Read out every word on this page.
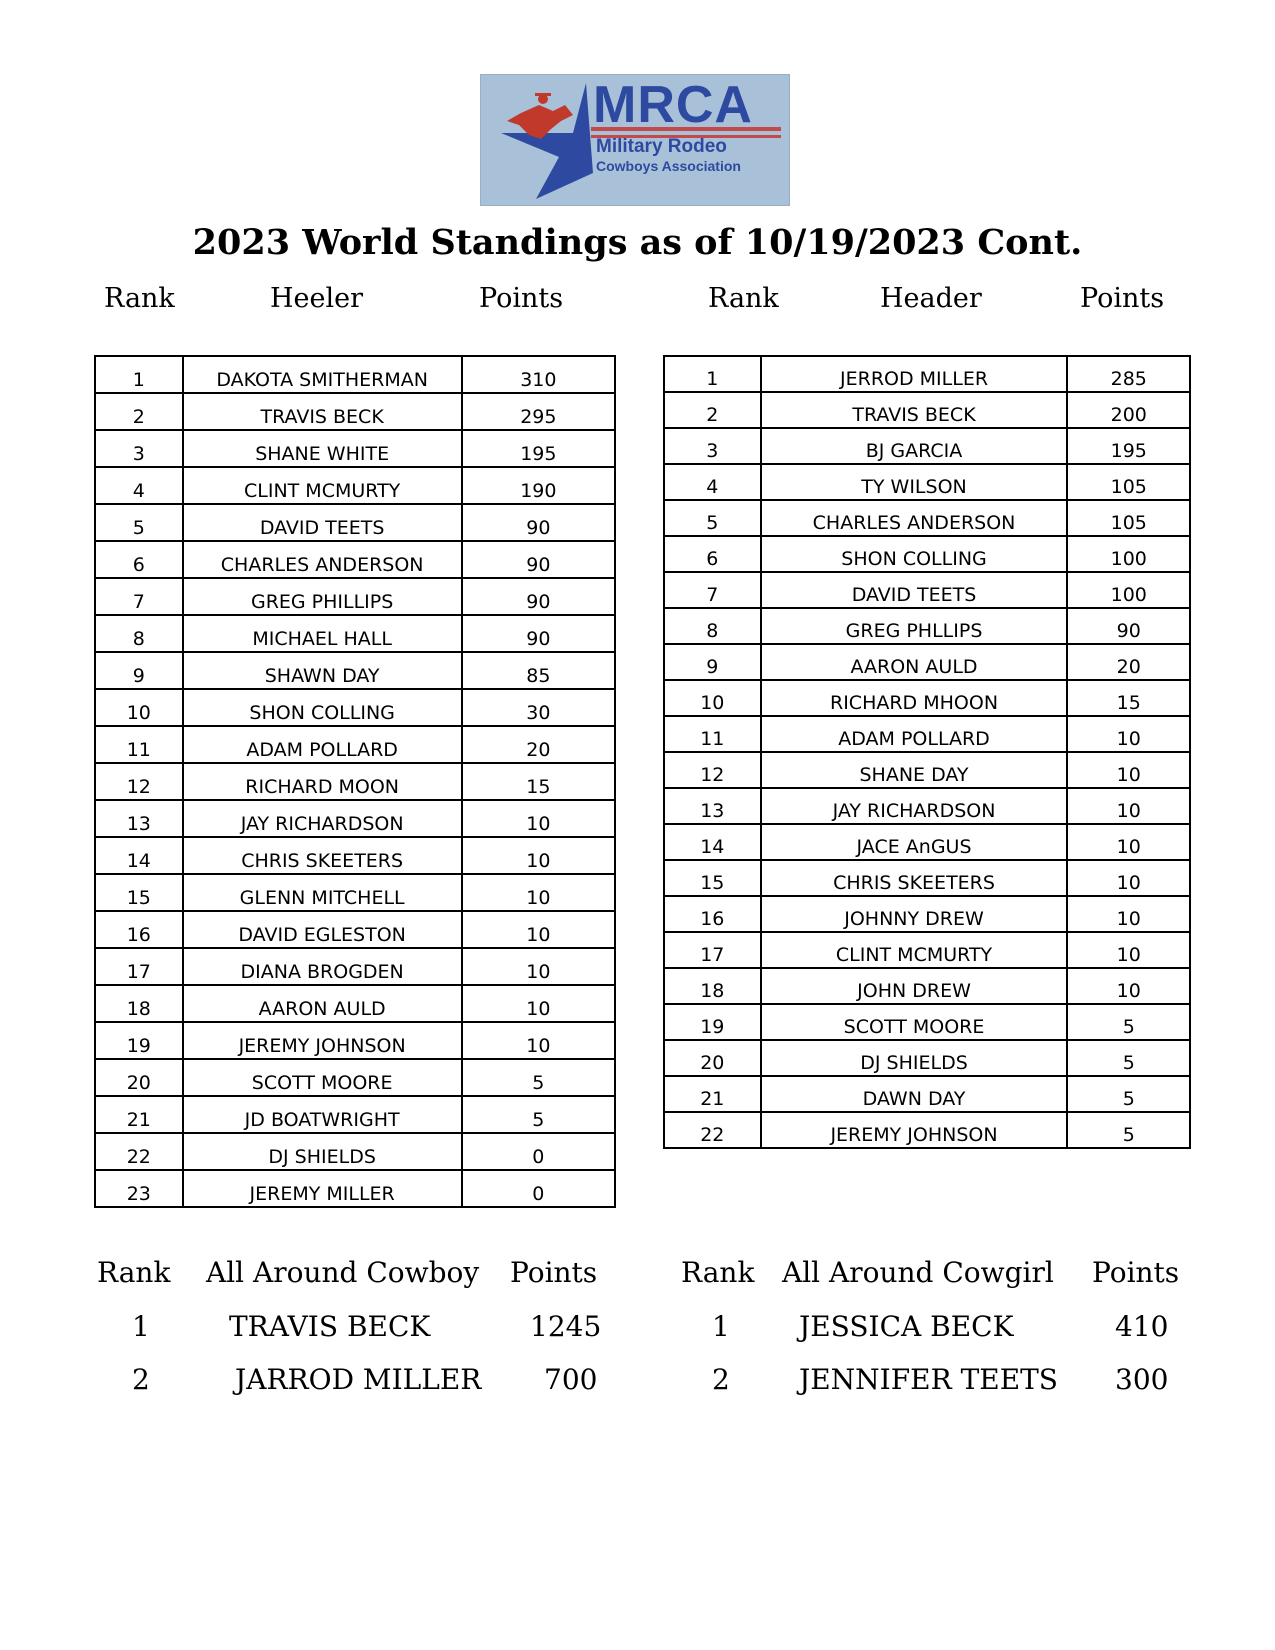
MRCA
Military Rodeo
Cowboys Association
2023 World Standings as of 10/19/2023 Cont.
Rank	Heeler	Points	Rank	Header	Points
1	DAKOTA SMITHERMAN	310
2	TRAVIS BECK	295
3	SHANE WHITE	195
4	CLINT MCMURTY	190
5	DAVID TEETS	90
6	CHARLES ANDERSON	90
7	GREG PHILLIPS	90
8	MICHAEL HALL	90
9	SHAWN DAY	85
10	SHON COLLING	30
11	ADAM POLLARD	20
12	RICHARD MOON	15
13	JAY RICHARDSON	10
14	CHRIS SKEETERS	10
15	GLENN MITCHELL	10
16	DAVID EGLESTON	10
17	DIANA BROGDEN	10
18	AARON AULD	10
19	JEREMY JOHNSON	10
20	SCOTT MOORE	5
21	JD BOATWRIGHT	5
22	DJ SHIELDS	0
23	JEREMY MILLER	0
1	JERROD MILLER	285
2	TRAVIS BECK	200
3	BJ GARCIA	195
4	TY WILSON	105
5	CHARLES ANDERSON	105
6	SHON COLLING	100
7	DAVID TEETS	100
8	GREG PHLLIPS	90
9	AARON AULD	20
10	RICHARD MHOON	15
11	ADAM POLLARD	10
12	SHANE DAY	10
13	JAY RICHARDSON	10
14	JACE AnGUS	10
15	CHRIS SKEETERS	10
16	JOHNNY DREW	10
17	CLINT MCMURTY	10
18	JOHN DREW	10
19	SCOTT MOORE	5
20	DJ SHIELDS	5
21	DAWN DAY	5
22	JEREMY JOHNSON	5
Rank All Around Cowboy Points
1	TRAVIS BECK	1245
2	JARROD MILLER 700
Rank All Around Cowgirl Points
1 JESSICA BECK	410
2 JENNIFER TEETS 300
